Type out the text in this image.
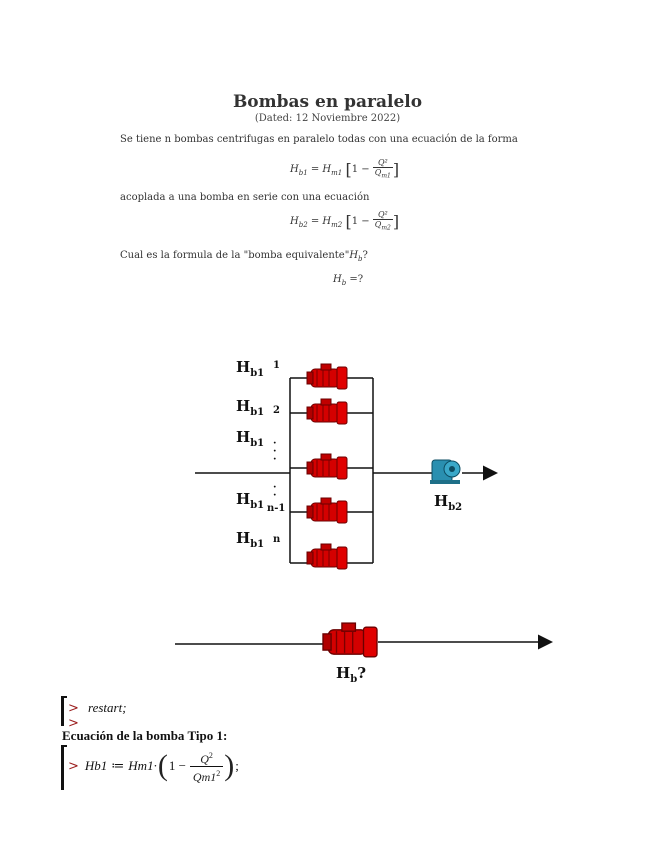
Bombas en paralelo
(Dated: 12 Noviembre 2022)
Se tiene n bombas centrifugas en paralelo todas con una ecuación de la forma
$H_{b1} = H_{m1}$ [$1 - \frac{\text{Q²}}{Q_{m1}}$ ]
acoplada a una bomba en serie con una ecuación
$H_{b2} = H_{m2}$ [$1 - \frac{\text{Q²}}{Q_{m2}}$ ]
Cual es la formula de la "bomba $equivalente"H_b$?
$H_b$ =?
·
·
·
·
·
$H_{b1}$
1
$H_{b1}$ 2
$H_{b1}$
$H_{b1}$ n-1
$H_{b1}$ n
$H_{b2}$
$H_b$?
> restart;
>
Ecuación de la bomba Tipo 1:
> Hb1 ≔ Hm1· ( $1 - \frac{Q^2}{Qm1^2}$ ) ;
